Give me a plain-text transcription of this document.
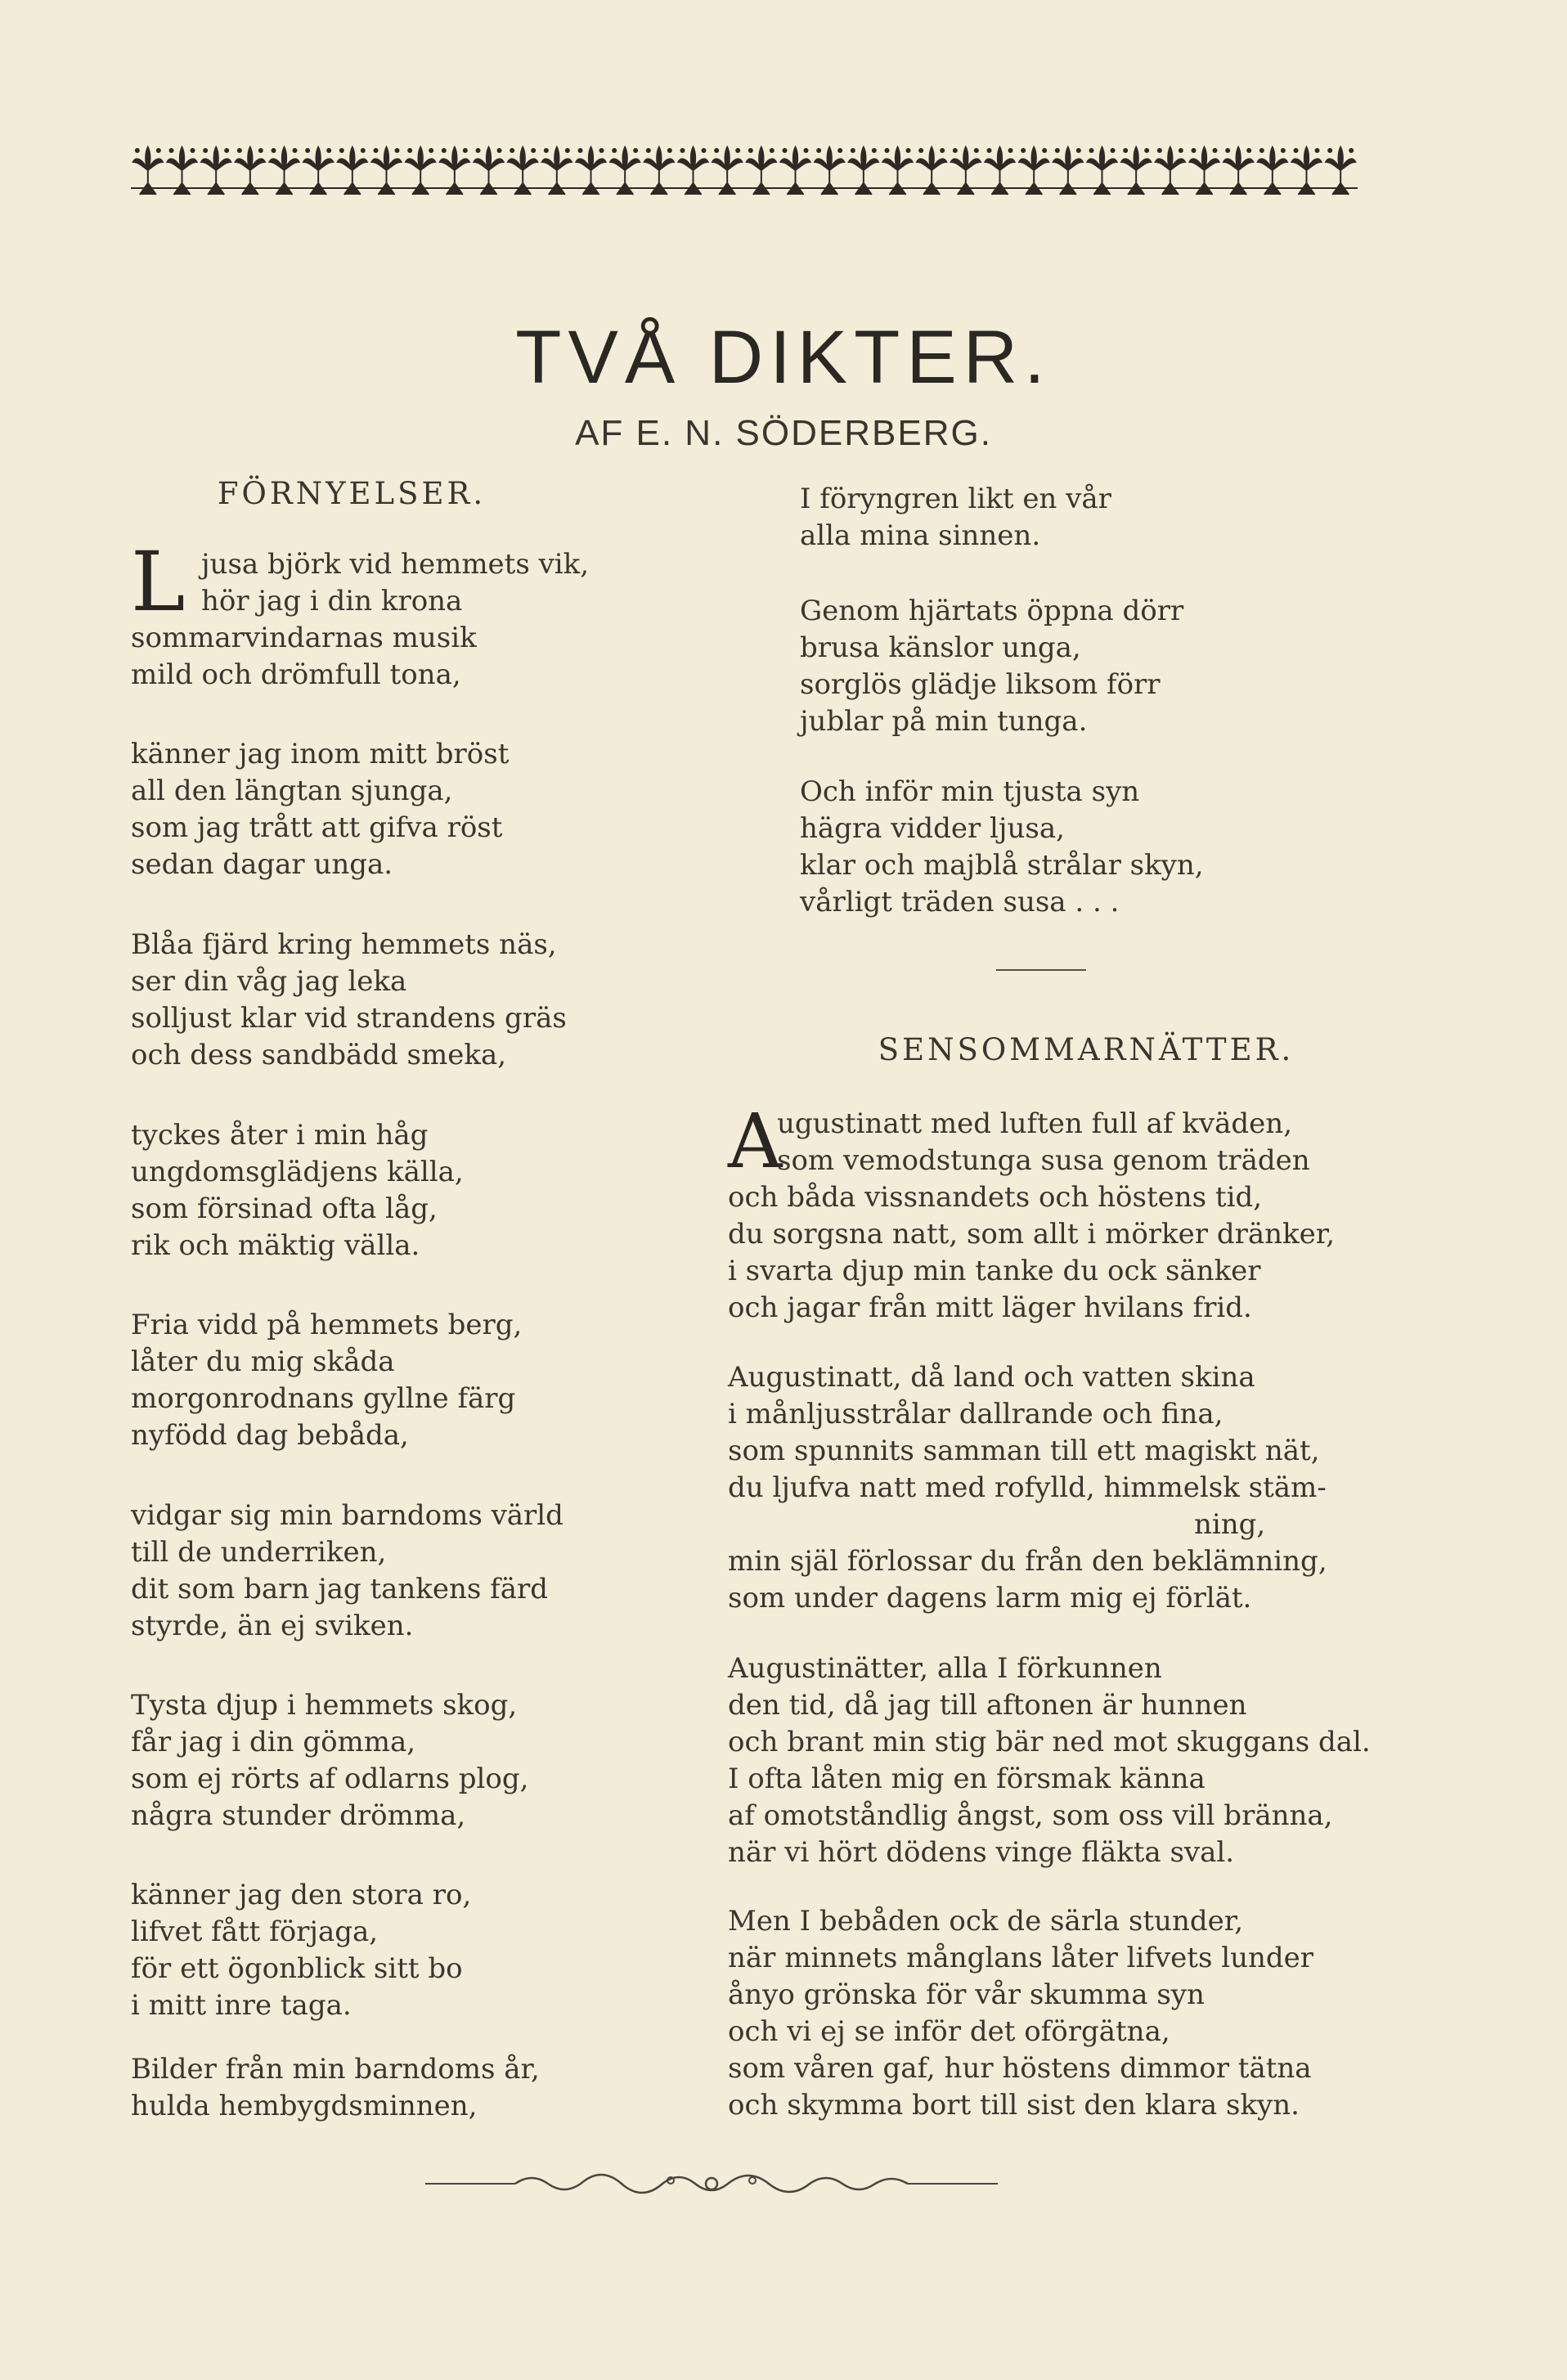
TVÅ DIKTER.
AF E. N. SÖDERBERG.
FÖRNYELSER.
L jusa björk vid hemmets vik,
hör jag i din krona
sommarvindarnas musik
mild och drömfull tona,
känner jag inom mitt bröst
all den längtan sjunga,
som jag trått att gifva röst
sedan dagar unga.
Blåa fjärd kring hemmets näs,
ser din våg jag leka
solljust klar vid strandens gräs
och dess sandbädd smeka,
tyckes åter i min håg
ungdomsglädjens källa,
som försinad ofta låg,
rik och mäktig välla.
Fria vidd på hemmets berg,
låter du mig skåda
morgonrodnans gyllne färg
nyfödd dag bebåda,
vidgar sig min barndoms värld
till de underriken,
dit som barn jag tankens färd
styrde, än ej sviken.
Tysta djup i hemmets skog,
får jag i din gömma,
som ej rörts af odlarns plog,
några stunder drömma,
känner jag den stora ro,
lifvet fått förjaga,
för ett ögonblick sitt bo
i mitt inre taga.
Bilder från min barndoms år,
hulda hembygdsminnen,
I föryngren likt en vår
alla mina sinnen.
Genom hjärtats öppna dörr
brusa känslor unga,
sorglös glädje liksom förr
jublar på min tunga.
Och inför min tjusta syn
hägra vidder ljusa,
klar och majblå strålar skyn,
vårligt träden susa . . .
SENSOMMARNÄTTER.
A
ugustinatt med luften full af kväden,
som vemodstunga susa genom träden
och båda vissnandets och höstens tid,
du sorgsna natt, som allt i mörker dränker,
i svarta djup min tanke du ock sänker
och jagar från mitt läger hvilans frid.
Augustinatt, då land och vatten skina
i månljusstrålar dallrande och fina,
som spunnits samman till ett magiskt nät,
du ljufva natt med rofylld, himmelsk stäm-
ning,
min själ förlossar du från den beklämning,
som under dagens larm mig ej förlät.
Augustinätter, alla I förkunnen
den tid, då jag till aftonen är hunnen
och brant min stig bär ned mot skuggans dal.
I ofta låten mig en försmak känna
af omotståndlig ångst, som oss vill bränna,
när vi hört dödens vinge fläkta sval.
Men I bebåden ock de särla stunder,
när minnets månglans låter lifvets lunder
ånyo grönska för vår skumma syn
och vi ej se inför det oförgätna,
som våren gaf, hur höstens dimmor tätna
och skymma bort till sist den klara skyn.
